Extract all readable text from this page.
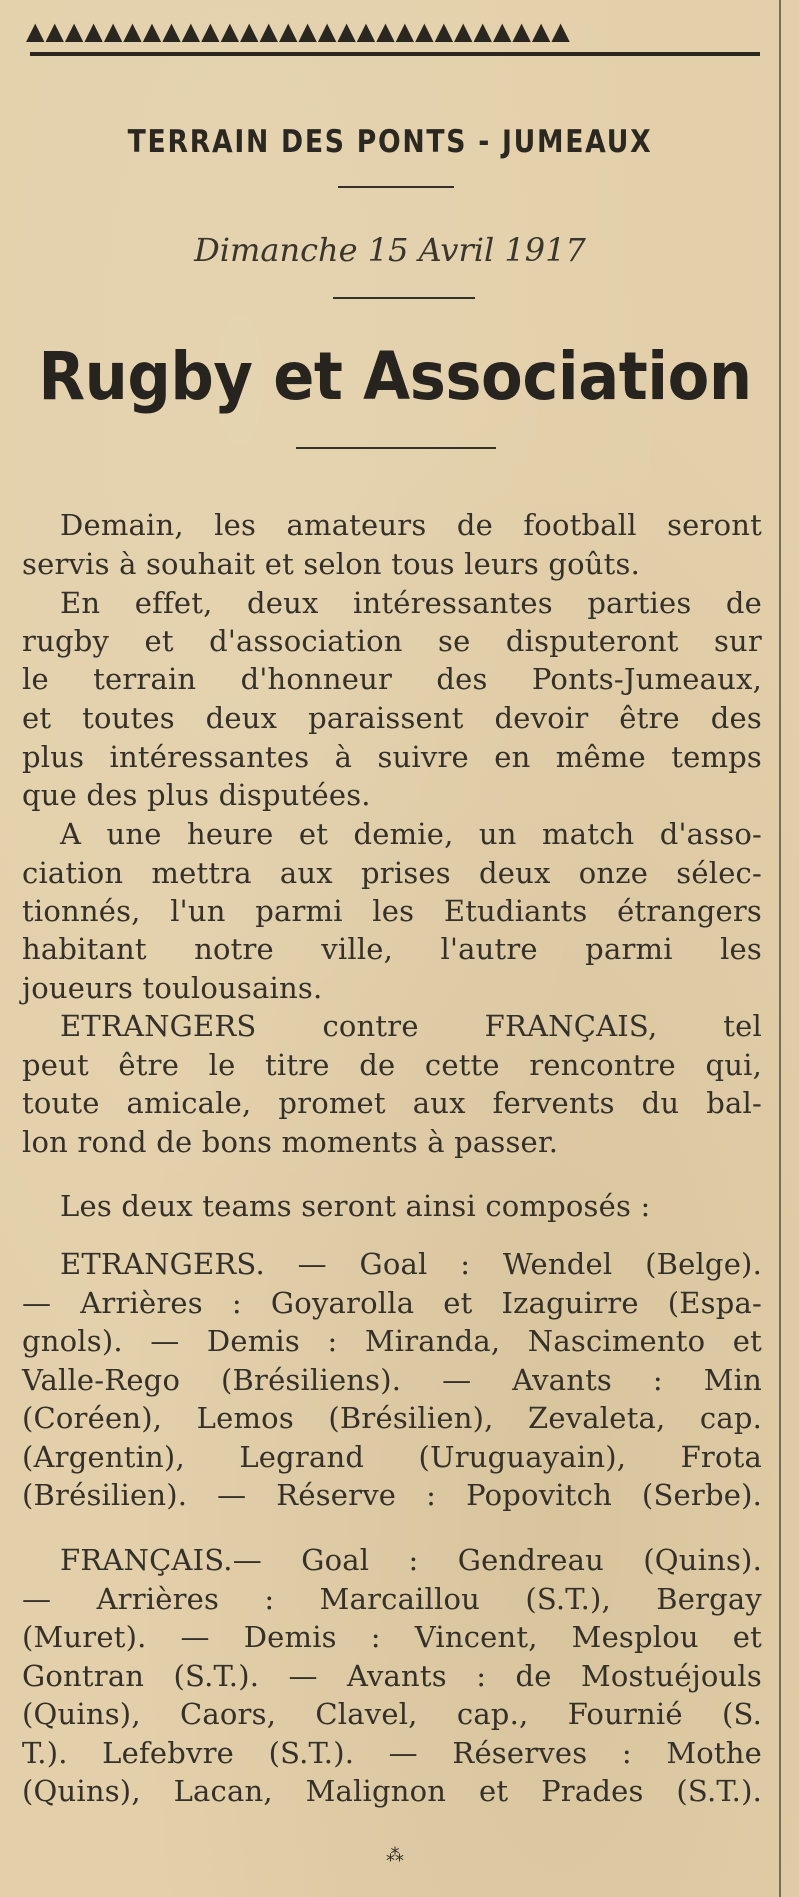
▲▲▲▲▲▲▲▲▲▲▲▲▲▲▲▲▲▲▲▲▲▲▲▲▲▲▲▲
TERRAIN DES PONTS - JUMEAUX
Dimanche 15 Avril 1917
Rugby et Association
Demain, les amateurs de football seront
servis à souhait et selon tous leurs goûts.
En effet, deux intéressantes parties de
rugby et d'association se disputeront sur
le terrain d'honneur des Ponts-Jumeaux,
et toutes deux paraissent devoir être des
plus intéressantes à suivre en même temps
que des plus disputées.
A une heure et demie, un match d'asso-
ciation mettra aux prises deux onze sélec-
tionnés, l'un parmi les Etudiants étrangers
habitant notre ville, l'autre parmi les
joueurs toulousains.
ETRANGERS contre FRANÇAIS, tel
peut être le titre de cette rencontre qui,
toute amicale, promet aux fervents du bal-
lon rond de bons moments à passer.
Les deux teams seront ainsi composés :
ETRANGERS. — Goal : Wendel (Belge).
— Arrières : Goyarolla et Izaguirre (Espa-
gnols). — Demis : Miranda, Nascimento et
Valle-Rego (Brésiliens). — Avants : Min
(Coréen), Lemos (Brésilien), Zevaleta, cap.
(Argentin), Legrand (Uruguayain), Frota
(Brésilien). — Réserve : Popovitch (Serbe).
FRANÇAIS.— Goal : Gendreau (Quins).
— Arrières : Marcaillou (S.T.), Bergay
(Muret). — Demis : Vincent, Mesplou et
Gontran (S.T.). — Avants : de Mostuéjouls
(Quins), Caors, Clavel, cap., Fournié (S.
T.). Lefebvre (S.T.). — Réserves : Mothe
(Quins), Lacan, Malignon et Prades (S.T.).
⁂
